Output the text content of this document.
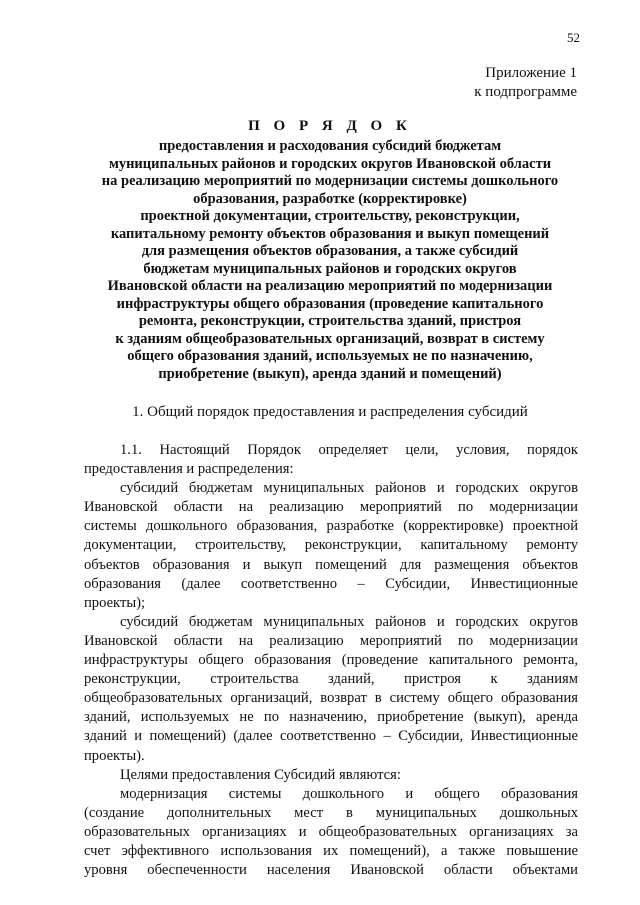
52
Приложение 1
к подпрограмме
П О Р Я Д О К
предоставления и расходования субсидий бюджетам
муниципальных районов и городских округов Ивановской области
на реализацию мероприятий по модернизации системы дошкольного
образования, разработке (корректировке)
проектной документации, строительству, реконструкции,
капитальному ремонту объектов образования и выкуп помещений
для размещения объектов образования, а также субсидий
бюджетам муниципальных районов и городских округов
Ивановской области на реализацию мероприятий по модернизации
инфраструктуры общего образования (проведение капитального
ремонта, реконструкции, строительства зданий, пристроя
к зданиям общеобразовательных организаций, возврат в систему
общего образования зданий, используемых не по назначению,
приобретение (выкуп), аренда зданий и помещений)
1. Общий порядок предоставления и распределения субсидий
1.1. Настоящий Порядок определяет цели, условия, порядок
предоставления и распределения:
субсидий бюджетам муниципальных районов и городских округов
Ивановской области на реализацию мероприятий по модернизации
системы дошкольного образования, разработке (корректировке) проектной
документации, строительству, реконструкции, капитальному ремонту
объектов образования и выкуп помещений для размещения объектов
образования (далее соответственно – Субсидии, Инвестиционные
проекты);
субсидий бюджетам муниципальных районов и городских округов
Ивановской области на реализацию мероприятий по модернизации
инфраструктуры общего образования (проведение капитального ремонта,
реконструкции, строительства зданий, пристроя к зданиям
общеобразовательных организаций, возврат в систему общего образования
зданий, используемых не по назначению, приобретение (выкуп), аренда
зданий и помещений) (далее соответственно – Субсидии, Инвестиционные
проекты).
Целями предоставления Субсидий являются:
модернизация системы дошкольного и общего образования
(создание дополнительных мест в муниципальных дошкольных
образовательных организациях и общеобразовательных организациях за
счет эффективного использования их помещений), а также повышение
уровня обеспеченности населения Ивановской области объектами
